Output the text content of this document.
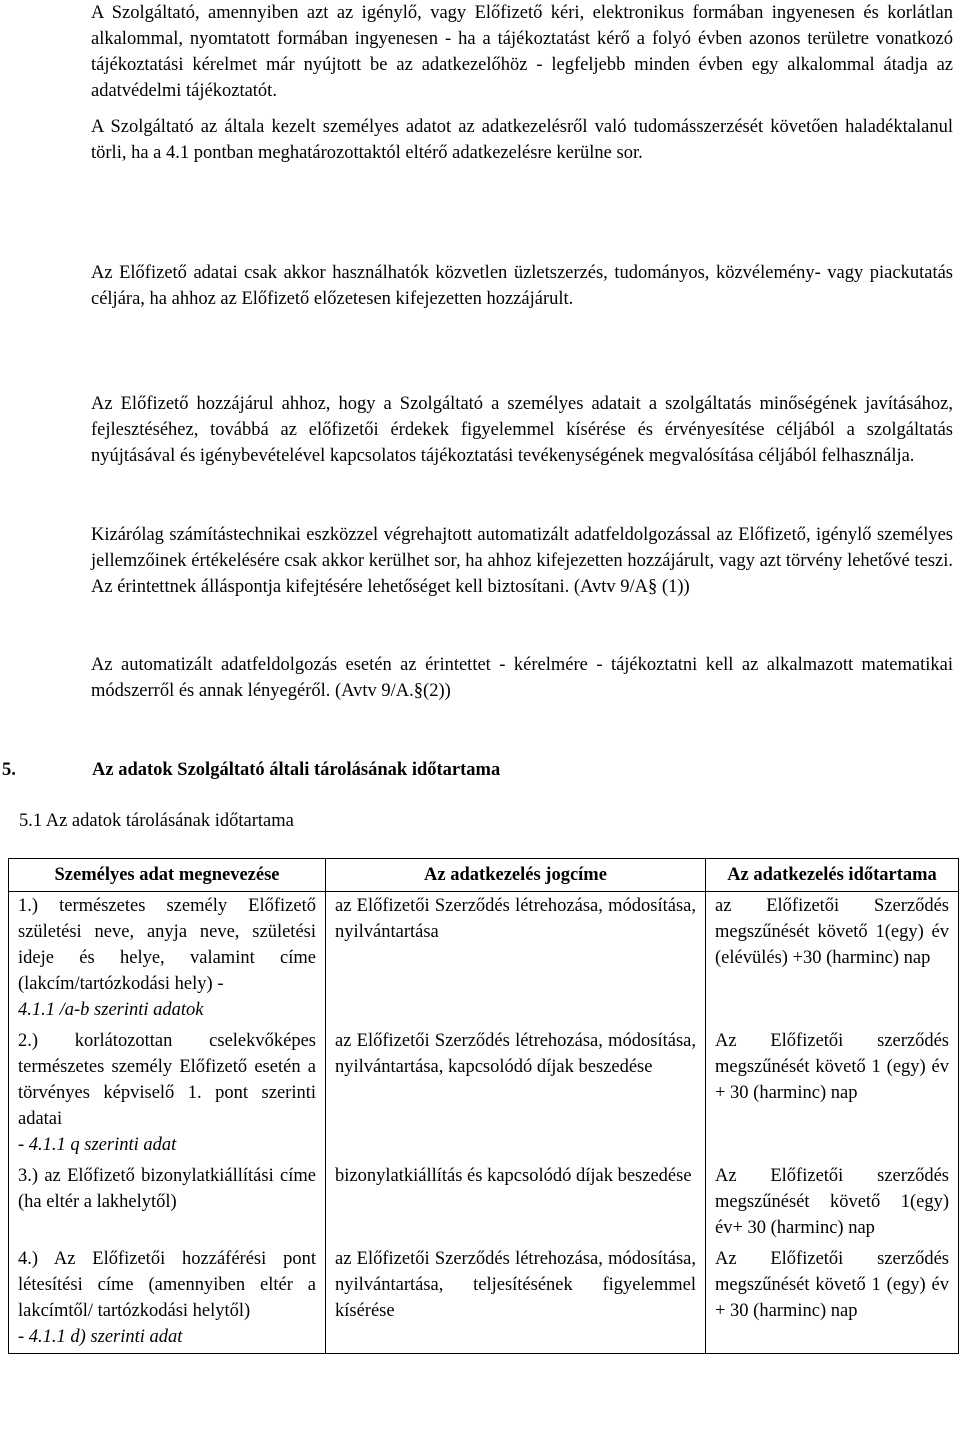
A Szolgáltató, amennyiben azt az igénylő, vagy Előfizető kéri, elektronikus formában ingyenesen és korlátlan alkalommal, nyomtatott formában ingyenesen - ha a tájékoztatást kérő a folyó évben azonos területre vonatkozó tájékoztatási kérelmet már nyújtott be az adatkezelőhöz - legfeljebb minden évben egy alkalommal átadja az adatvédelmi tájékoztatót.

A Szolgáltató az általa kezelt személyes adatot az adatkezelésről való tudomásszerzését követően haladéktalanul törli, ha a 4.1 pontban meghatározottaktól eltérő adatkezelésre kerülne sor.

Az Előfizető adatai csak akkor használhatók közvetlen üzletszerzés, tudományos, közvélemény- vagy piackutatás céljára, ha ahhoz az Előfizető előzetesen kifejezetten hozzájárult.

Az Előfizető hozzájárul ahhoz, hogy a Szolgáltató a személyes adatait a szolgáltatás minőségének javításához, fejlesztéséhez, továbbá az előfizetői érdekek figyelemmel kísérése és érvényesítése céljából a szolgáltatás nyújtásával és igénybevételével kapcsolatos tájékoztatási tevékenységének megvalósítása céljából felhasználja.

Kizárólag számítástechnikai eszközzel végrehajtott automatizált adatfeldolgozással az Előfizető, igénylő személyes jellemzőinek értékelésére csak akkor kerülhet sor, ha ahhoz kifejezetten hozzájárult, vagy azt törvény lehetővé teszi. Az érintettnek álláspontja kifejtésére lehetőséget kell biztosítani. (Avtv 9/A§ (1))

Az automatizált adatfeldolgozás esetén az érintettet - kérelmére - tájékoztatni kell az alkalmazott matematikai módszerről és annak lényegéről. (Avtv 9/A.§(2))

5.	Az adatok Szolgáltató általi tárolásának időtartama

5.1 Az adatok tárolásának időtartama

Személyes adat megnevezése	Az adatkezelés jogcíme	Az adatkezelés időtartama
1.) természetes személy Előfizető születési neve, anyja neve, születési ideje és helye, valamint címe (lakcím/tartózkodási hely) -
4.1.1 /a-b szerinti adatok	az Előfizetői Szerződés létrehozása, módosítása, nyilvántartása	az Előfizetői Szerződés megszűnését követő 1(egy) év (elévülés) +30 (harminc) nap
2.) korlátozottan cselekvőképes természetes személy Előfizető esetén a törvényes képviselő 1. pont szerinti adatai
- 4.1.1 q szerinti adat	az Előfizetői Szerződés létrehozása, módosítása, nyilvántartása, kapcsolódó díjak beszedése	Az Előfizetői szerződés megszűnését követő 1 (egy) év + 30 (harminc) nap
3.) az Előfizető bizonylatkiállítási címe (ha eltér a lakhelytől)	bizonylatkiállítás és kapcsolódó díjak beszedése	Az Előfizetői szerződés megszűnését követő 1(egy) év+ 30 (harminc) nap
4.) Az Előfizetői hozzáférési pont létesítési címe (amennyiben eltér a lakcímtől/ tartózkodási helytől)
- 4.1.1 d) szerinti adat	az Előfizetői Szerződés létrehozása, módosítása, nyilvántartása, teljesítésének figyelemmel kísérése	Az Előfizetői szerződés megszűnését követő 1 (egy) év + 30 (harminc) nap
